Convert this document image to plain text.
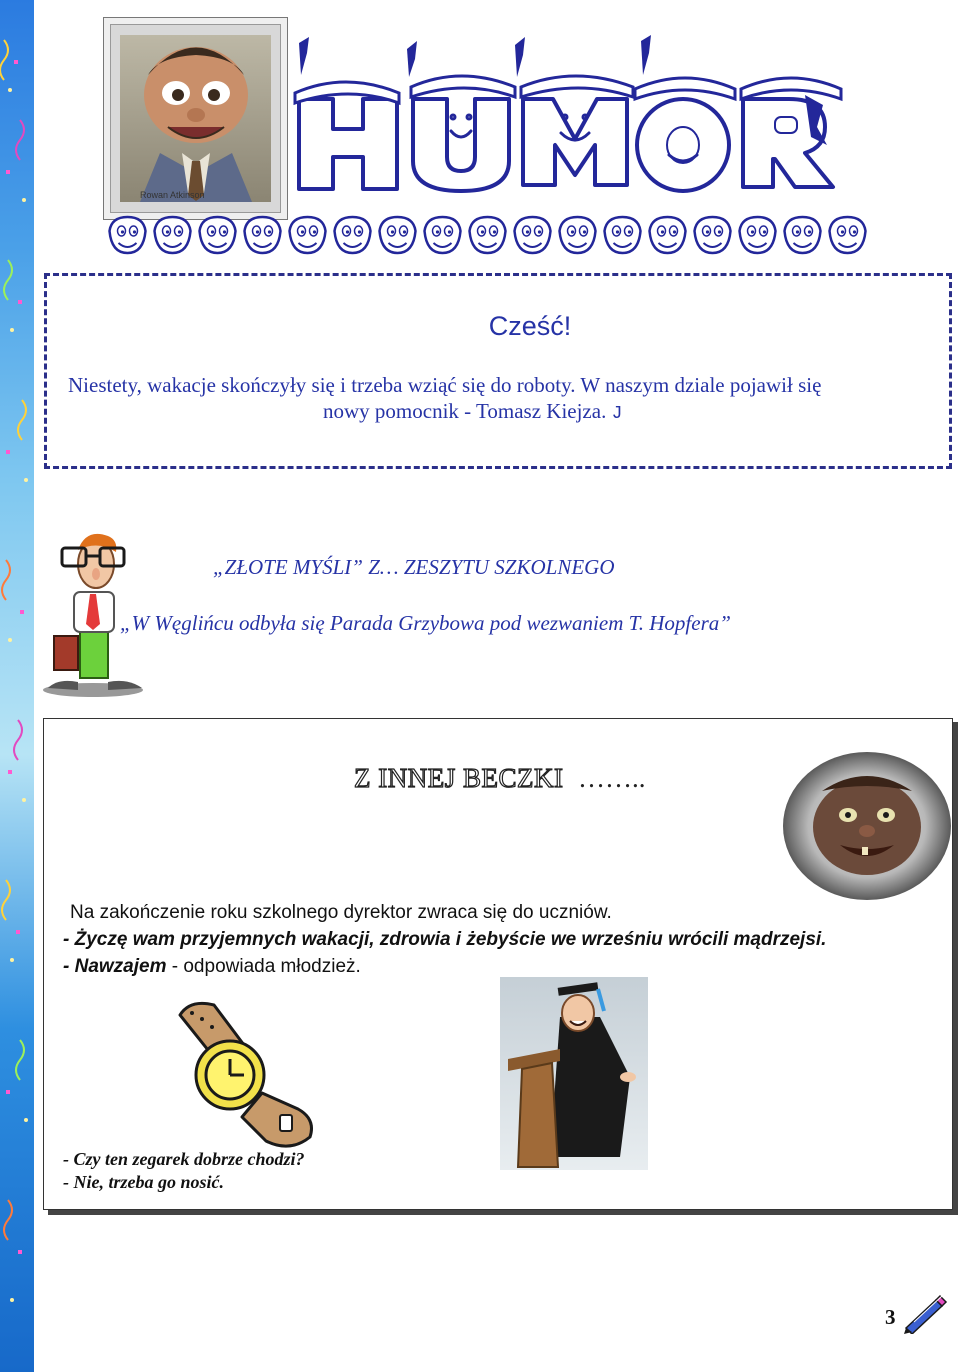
Rowan Atkinson
Cześć!
Niestety, wakacje skończyły się i trzeba wziąć się do roboty. W naszym dziale pojawił się
nowy pomocnik - Tomasz Kiejza. J
„ZŁOTE MYŚLI” Z… ZESZYTU SZKOLNEGO
„W Węglińcu odbyła się Parada Grzybowa pod wezwaniem T. Hopfera”
Z INNEJ BECZKI ……..
Na zakończenie roku szkolnego dyrektor zwraca się do uczniów.
- Życzę wam przyjemnych wakacji, zdrowia i żebyście we wrześniu wrócili mądrzejsi.
- Nawzajem - odpowiada młodzież.
- Czy ten zegarek dobrze chodzi?
- Nie, trzeba go nosić.
3
